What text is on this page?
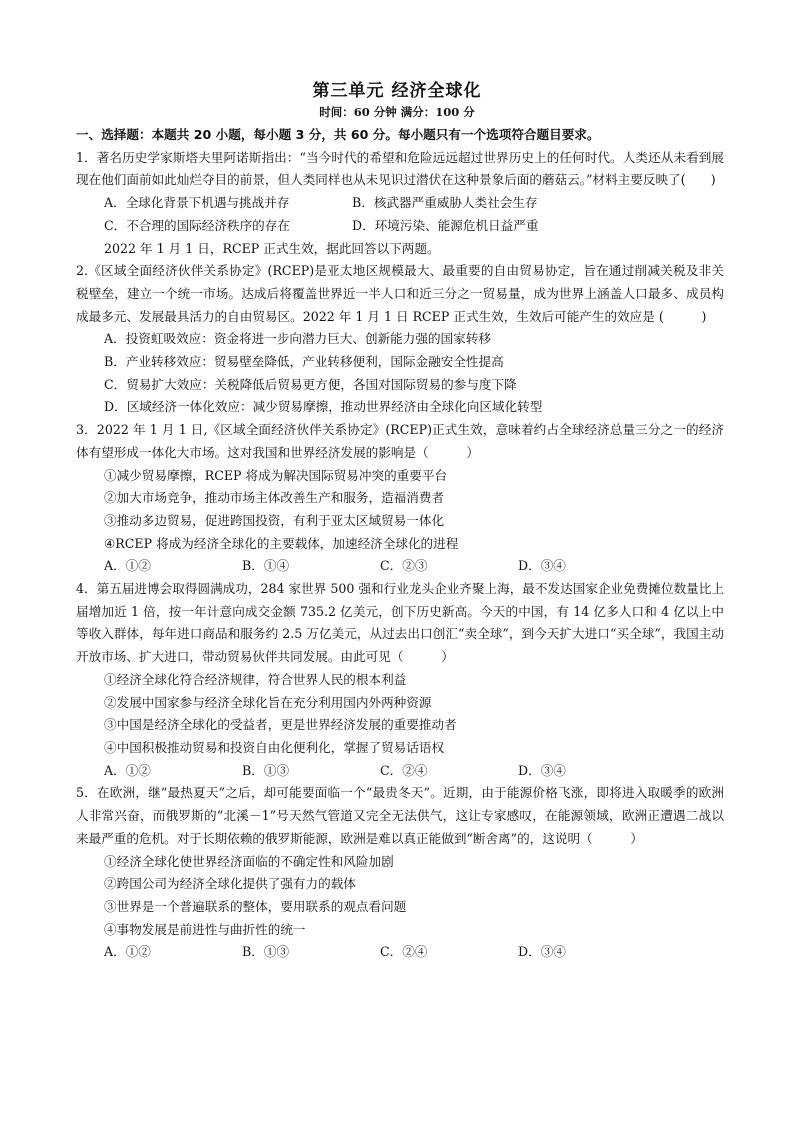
第三单元 经济全球化
时间：60 分钟 满分：100 分
一、选择题：本题共 20 小题，每小题 3 分，共 60 分。每小题只有一个选项符合题目要求。

1．著名历史学家斯塔夫里阿诺斯指出：“当今时代的希望和危险远远超过世界历史上的任何时代。人类还从未看到展现在他们面前如此灿烂夺目的前景，但人类同样也从未见识过潜伏在这种景象后面的蘑菇云。”材料主要反映了(　　)

A．全球化背景下机遇与挑战并存	B．核武器严重威胁人类社会生存
C．不合理的国际经济秩序的存在	D．环境污染、能源危机日益严重
2022 年 1 月 1 日，RCEP 正式生效，据此回答以下两题。

2.《区域全面经济伙伴关系协定》(RCEP)是亚太地区规模最大、最重要的自由贸易协定，旨在通过削减关税及非关税壁垒，建立一个统一市场。达成后将覆盖世界近一半人口和近三分之一贸易量，成为世界上涵盖人口最多、成员构成最多元、发展最具活力的自由贸易区。2022 年 1 月 1 日 RCEP 正式生效，生效后可能产生的效应是 (　　　)

A．投资虹吸效应：资金将进一步向潜力巨大、创新能力强的国家转移
B．产业转移效应：贸易壁垒降低，产业转移便利，国际金融安全性提高
C．贸易扩大效应：关税降低后贸易更方便，各国对国际贸易的参与度下降
D．区域经济一体化效应：减少贸易摩擦，推动世界经济由全球化向区域化转型

3．2022 年 1 月 1 日,《区域全面经济伙伴关系协定》(RCEP)正式生效，意味着约占全球经济总量三分之一的经济体有望形成一体化大市场。这对我国和世界经济发展的影响是（　　　）

①减少贸易摩擦，RCEP 将成为解决国际贸易冲突的重要平台
②加大市场竞争，推动市场主体改善生产和服务，造福消费者
③推动多边贸易，促进跨国投资，有利于亚太区域贸易一体化
④RCEP 将成为经济全球化的主要载体，加速经济全球化的进程
A．①②	B．①④	C．②③	D．③④

4．第五届进博会取得圆满成功，284 家世界 500 强和行业龙头企业齐聚上海，最不发达国家企业免费摊位数量比上届增加近 1 倍，按一年计意向成交金额 735.2 亿美元，创下历史新高。今天的中国，有 14 亿多人口和 4 亿以上中等收入群体，每年进口商品和服务约 2.5 万亿美元，从过去出口创汇“卖全球”，到今天扩大进口“买全球”，我国主动开放市场、扩大进口，带动贸易伙伴共同发展。由此可见（　　　）

①经济全球化符合经济规律，符合世界人民的根本利益
②发展中国家参与经济全球化旨在充分利用国内外两种资源
③中国是经济全球化的受益者，更是世界经济发展的重要推动者
④中国积极推动贸易和投资自由化便利化，掌握了贸易话语权
A．①②	B．①③	C．②④	D．③④

5．在欧洲，继“最热夏天”之后，却可能要面临一个“最贵冬天”。近期，由于能源价格飞涨，即将进入取暖季的欧洲人非常兴奋，而俄罗斯的“北溪－1”号天然气管道又完全无法供气，这让专家感叹，在能源领域，欧洲正遭遇二战以来最严重的危机。对于长期依赖的俄罗斯能源，欧洲是难以真正能做到“断舍离”的，这说明（　　　）

①经济全球化使世界经济面临的不确定性和风险加剧
②跨国公司为经济全球化提供了强有力的载体
③世界是一个普遍联系的整体，要用联系的观点看问题
④事物发展是前进性与曲折性的统一
A．①②	B．①③	C．②④	D．③④
